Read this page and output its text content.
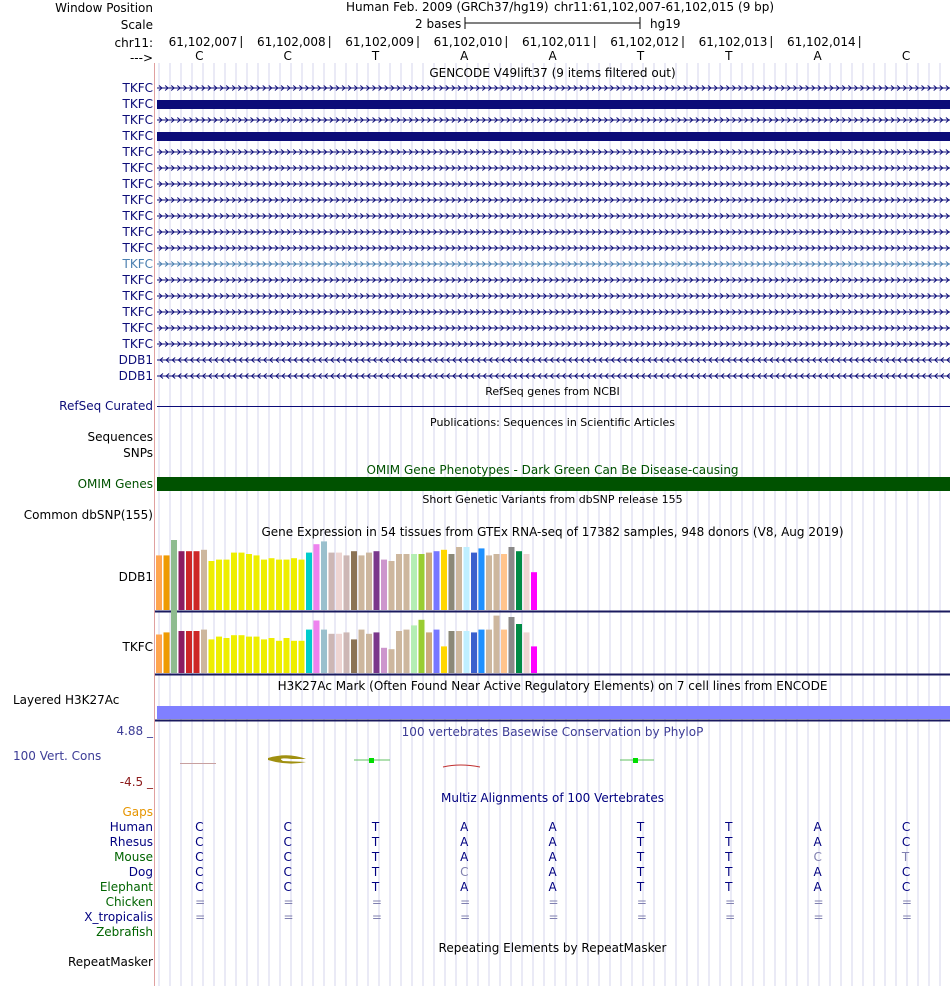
Window Position
Scale
chr11:
--->
Human Feb. 2009 (GRCh37/hg19) chr11:61,102,007-61,102,015 (9 bp)
2 bases	hg19
61,102,007 61,102,008 61,102,009 61,102,010 61,102,011 61,102,012 61,102,013 61,102,014
C	C	T	A	A	T	T	A	C
GENCODE V49lift37 (9 items filtered out)
TKFC
TKFC
TKFC
TKFC
TKFC
TKFC
TKFC
TKFC
TKFC
TKFC
TKFC
TKFC
TKFC
TKFC
TKFC
TKFC
TKFC
DDB1
DDB1
RefSeq genes from NCBI
RefSeq Curated
Publications: Sequences in Scientific Articles
Sequences
SNPs
OMIM Gene Phenotypes - Dark Green Can Be Disease-causing
OMIM Genes
Short Genetic Variants from dbSNP release 155
Common dbSNP(155)
Gene Expression in 54 tissues from GTEx RNA-seq of 17382 samples, 948 donors (V8, Aug 2019)
DDB1
TKFC
H3K27Ac Mark (Often Found Near Active Regulatory Elements) on 7 cell lines from ENCODE
Layered H3K27Ac
100 vertebrates Basewise Conservation by PhyloP
4.88 _
100 Vert. Cons
-4.5 _
Multiz Alignments of 100 Vertebrates
Gaps
Human	C	C	T	A	A	T	T	A	C
Rhesus	C	C	T	A	A	T	T	A	C
Mouse	C	C	T	A	A	T	T	C	T
Dog	C	C	T	C	A	T	T	A	C
Elephant	C	C	T	A	A	T	T	A	C
Chicken	=	=	=	=	=	=	=	=	=
X_tropicalis	=	=	=	=	=	=	=	=	=
Zebrafish
Repeating Elements by RepeatMasker
RepeatMasker
